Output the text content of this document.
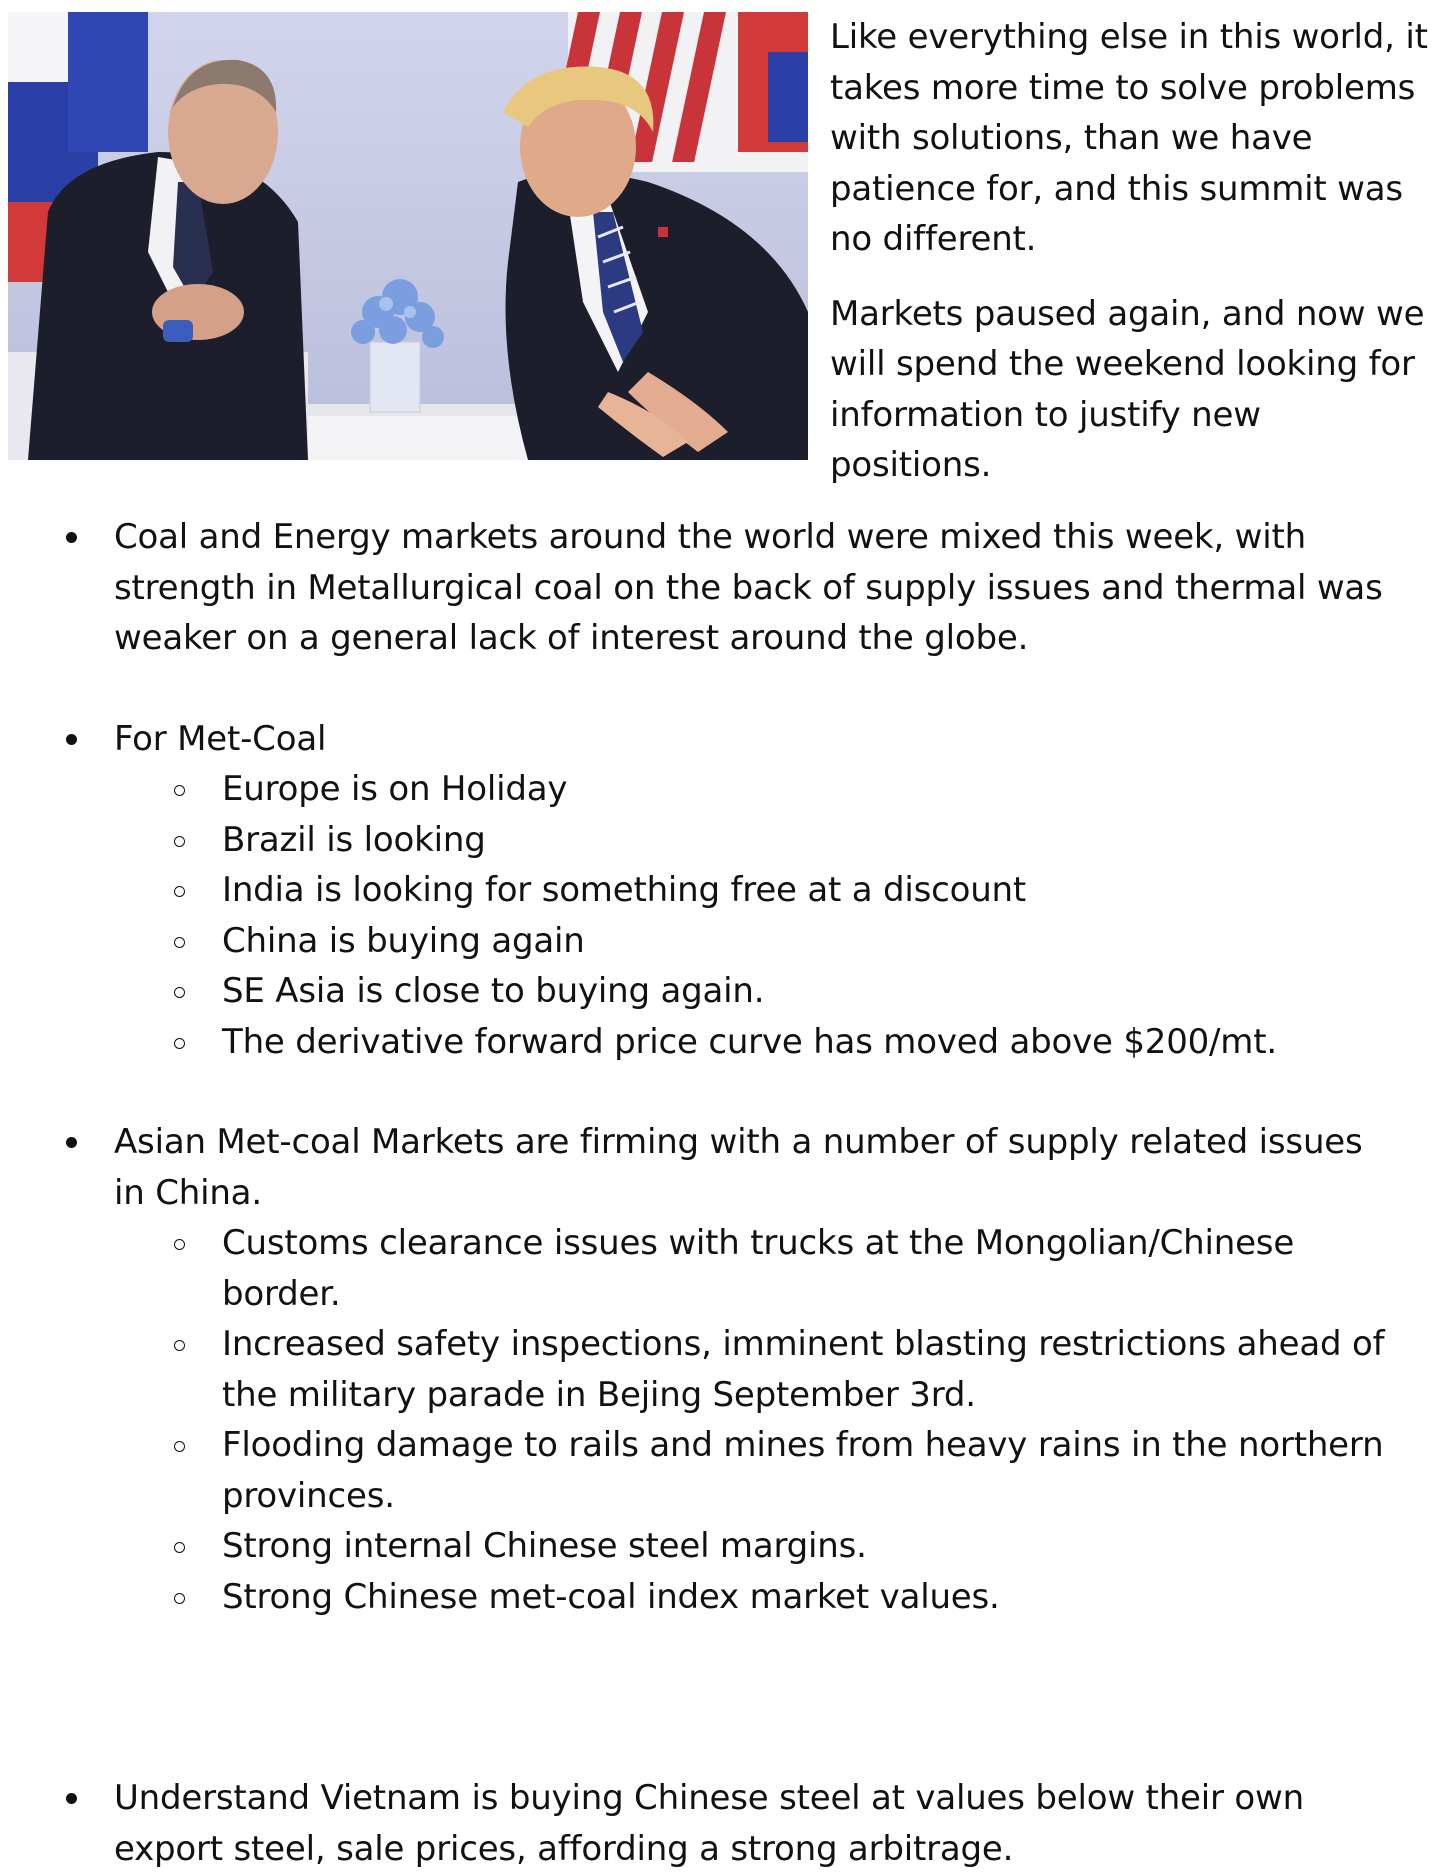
Like everything else in this world, it takes more time to solve problems with solutions, than we have patience for, and this summit was no different.

Markets paused again, and now we will spend the weekend looking for information to justify new positions.

Coal and Energy markets around the world were mixed this week, with strength in Metallurgical coal on the back of supply issues and thermal was weaker on a general lack of interest around the globe.
For Met-Coal
Europe is on Holiday
Brazil is looking
India is looking for something free at a discount
China is buying again
SE Asia is close to buying again.
The derivative forward price curve has moved above $200/mt.
Asian Met-coal Markets are firming with a number of supply related issues in China.
Customs clearance issues with trucks at the Mongolian/Chinese border.
Increased safety inspections, imminent blasting restrictions ahead of the military parade in Bejing September 3rd.
Flooding damage to rails and mines from heavy rains in the northern provinces.
Strong internal Chinese steel margins.
Strong Chinese met-coal index market values.
Understand Vietnam is buying Chinese steel at values below their own export steel, sale prices, affording a strong arbitrage.
